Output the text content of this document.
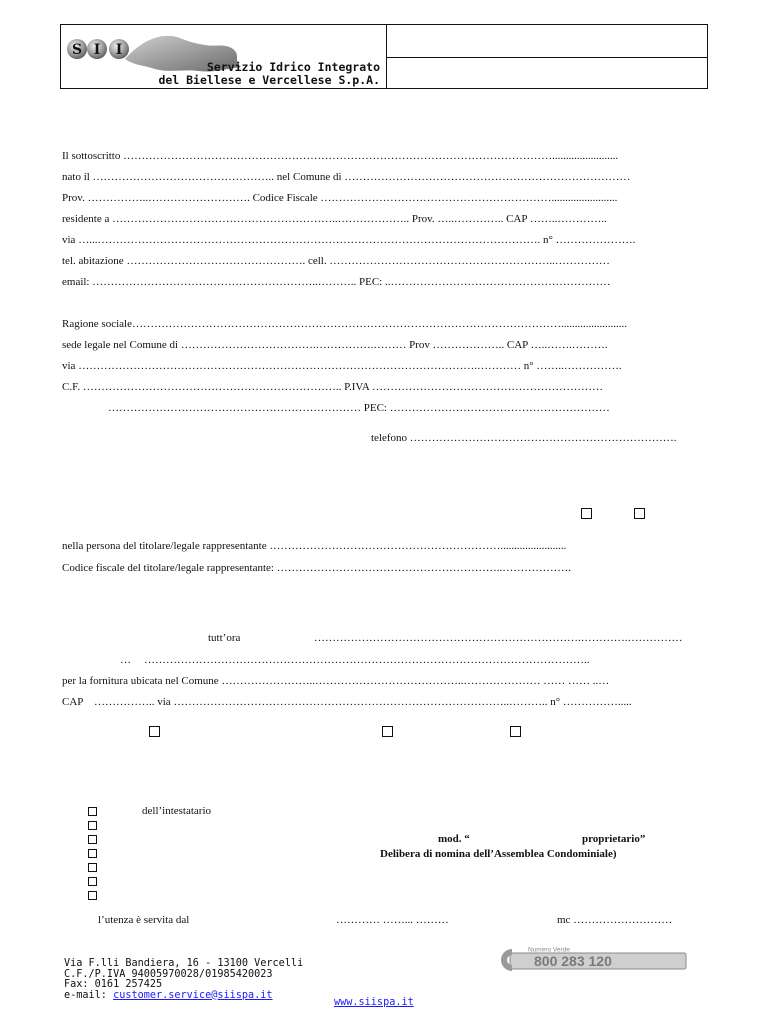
S I I
Servizio Idrico Integrato
del Biellese e Vercellese S.p.A.
Il sottoscritto ………………………………………………………………………………………………………........................
nato il ………………………………………….. nel Comune di ……………………………………………………………………
Prov. ……………..………………………. Codice Fiscale ………………………………………………………........................
residente a ……………………………………………………..……………….. Prov. …..………….. CAP ……..…………..
via …...…………………………………………………………………………………………………………. n° ………………….
tel. abitazione …………………………………………. cell. ……………………………………………………..……………
email: ……………………………………………………..……….. PEC: ..……………………………………………………
Ragione sociale………………………………………………………………………………………………………........................
sede legale nel Comune di ……………………………….…………….……… Prov ……………….. CAP …..…….……….
via ……………………………………………………………………………………………….………… n° ……..…………….
C.F. …………………………………………………………….. P.IVA ………………………………………………………
…………………………………………………………… PEC: ……………………………………………………
telefono ……………………………………………………………….
nella persona del titolare/legale rappresentante ………………………………………………………........................
Codice fiscale del titolare/legale rappresentante: ……………………………………………………..……………….
tutt’ora	……………………………………………………………….………….……………
… …………………………………………………………………………………………………………..
per la fornitura ubicata nel Comune ……………………..…………………………………..………………… …… …… ..…
CAP …………….. via ………………………………………………………………………………..……….. n° …………….....
dell’intestatario
mod. “	proprietario”
Delibera di nomina dell’Assemblea Condominiale)
l’utenza è servita dal	………… ……... ………	mc ………………………
Via F.lli Bandiera, 16 - 13100 Vercelli
C.F./P.IVA 94005970028/01985420023
Fax: 0161 257425
e-mail: customer.service@siispa.it
www.siispa.it
Numero Verde
800 283 120
